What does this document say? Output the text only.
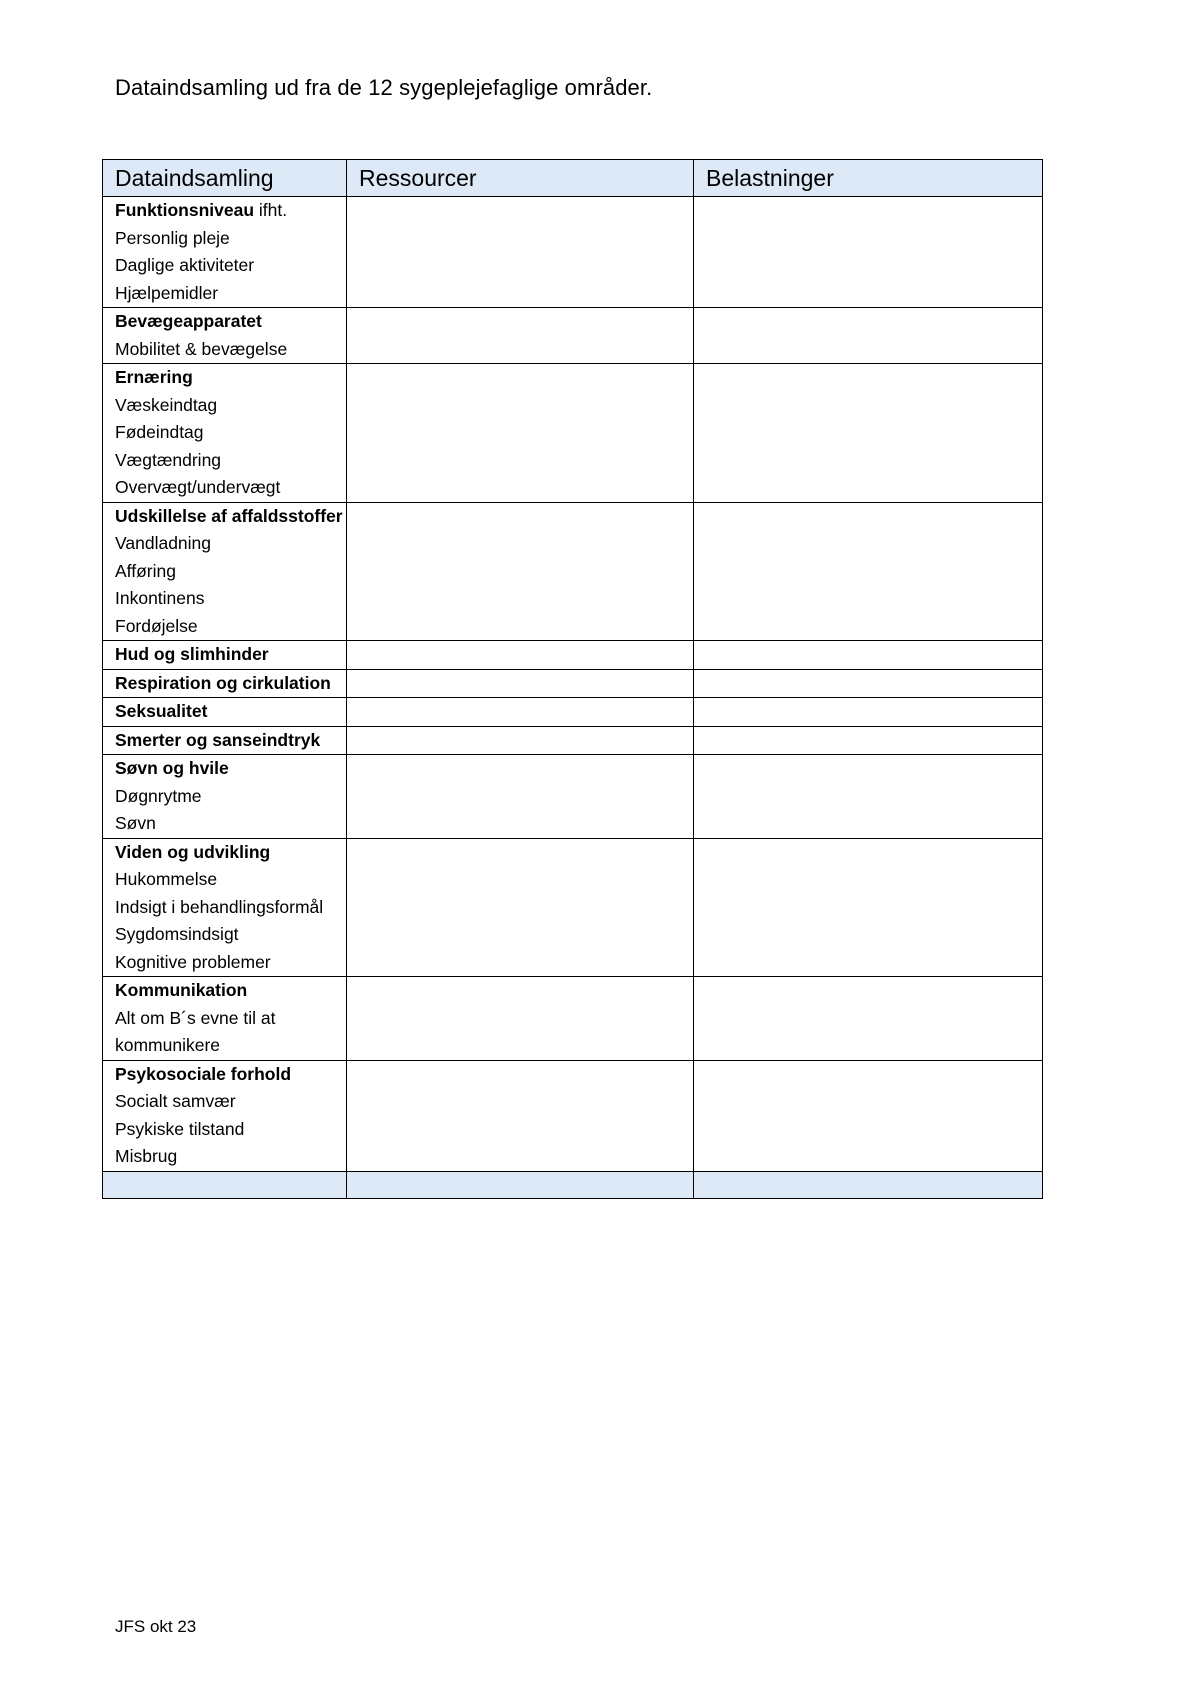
Dataindsamling ud fra de 12 sygeplejefaglige områder.
Dataindsamling	Ressourcer	Belastninger

Funktionsniveau ifht.
Personlig pleje
Daglige aktiviteter
Hjælpemidler		

Bevægeapparatet
Mobilitet & bevægelse		

Ernæring
Væskeindtag
Fødeindtag
Vægtændring
Overvægt/undervægt		

Udskillelse af affaldsstoffer
Vandladning
Afføring
Inkontinens
Fordøjelse		

Hud og slimhinder		

Respiration og cirkulation		

Seksualitet		

Smerter og sanseindtryk		

Søvn og hvile
Døgnrytme
Søvn		

Viden og udvikling
Hukommelse
Indsigt i behandlingsformål
Sygdomsindsigt
Kognitive problemer		

Kommunikation
Alt om B´s evne til at kommunikere		

Psykosociale forhold
Socialt samvær
Psykiske tilstand
Misbrug		

JFS okt 23
